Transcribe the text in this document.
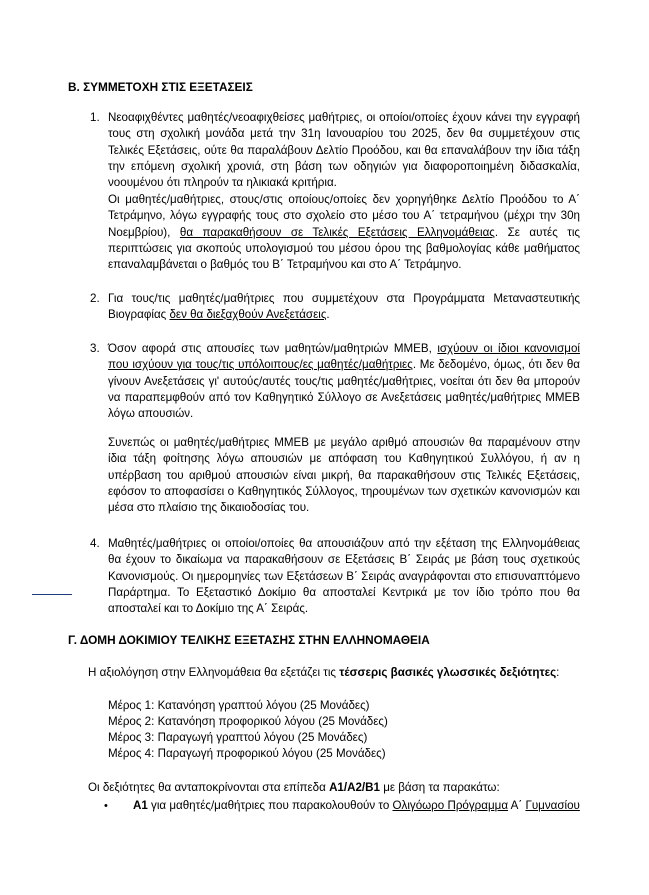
Β. ΣΥΜΜΕΤΟΧΗ ΣΤΙΣ ΕΞΕΤΑΣΕΙΣ
1. Νεοαφιχθέντες μαθητές/νεοαφιχθείσες μαθήτριες, οι οποίοι/οποίες έχουν κάνει την εγγραφή τους στη σχολική μονάδα μετά την 31η Ιανουαρίου του 2025, δεν θα συμμετέχουν στις Τελικές Εξετάσεις, ούτε θα παραλάβουν Δελτίο Προόδου, και θα επαναλάβουν την ίδια τάξη την επόμενη σχολική χρονιά, στη βάση των οδηγιών για διαφοροποιημένη διδασκαλία, νοουμένου ότι πληρούν τα ηλικιακά κριτήρια.

Οι μαθητές/μαθήτριες, στους/στις οποίους/οποίες δεν χορηγήθηκε Δελτίο Προόδου το Α΄ Τετράμηνο, λόγω εγγραφής τους στο σχολείο στο μέσο του Α΄ τετραμήνου (μέχρι την 30η Νοεμβρίου), θα παρακαθήσουν σε Τελικές Εξετάσεις Ελληνομάθειας. Σε αυτές τις περιπτώσεις για σκοπούς υπολογισμού του μέσου όρου της βαθμολογίας κάθε μαθήματος επαναλαμβάνεται ο βαθμός του Β΄ Τετραμήνου και στο Α΄ Τετράμηνο.

2. Για τους/τις μαθητές/μαθήτριες που συμμετέχουν στα Προγράμματα Μεταναστευτικής Βιογραφίας δεν θα διεξαχθούν Ανεξετάσεις.

3. Όσον αφορά στις απουσίες των μαθητών/μαθητριών ΜΜΕΒ, ισχύουν οι ίδιοι κανονισμοί που ισχύουν για τους/τις υπόλοιπους/ες μαθητές/μαθήτριες. Με δεδομένο, όμως, ότι δεν θα γίνουν Ανεξετάσεις γι' αυτούς/αυτές τους/τις μαθητές/μαθήτριες, νοείται ότι δεν θα μπορούν να παραπεμφθούν από τον Καθηγητικό Σύλλογο σε Ανεξετάσεις μαθητές/μαθήτριες ΜΜΕΒ λόγω απουσιών.

Συνεπώς οι μαθητές/μαθήτριες ΜΜΕΒ με μεγάλο αριθμό απουσιών θα παραμένουν στην ίδια τάξη φοίτησης λόγω απουσιών με απόφαση του Καθηγητικού Συλλόγου, ή αν η υπέρβαση του αριθμού απουσιών είναι μικρή, θα παρακαθήσουν στις Τελικές Εξετάσεις, εφόσον το αποφασίσει ο Καθηγητικός Σύλλογος, τηρουμένων των σχετικών κανονισμών και μέσα στο πλαίσιο της δικαιοδοσίας του.

4. Μαθητές/μαθήτριες οι οποίοι/οποίες θα απουσιάζουν από την εξέταση της Ελληνομάθειας θα έχουν το δικαίωμα να παρακαθήσουν σε Εξετάσεις Β΄ Σειράς με βάση τους σχετικούς Κανονισμούς. Οι ημερομηνίες των Εξετάσεων Β΄ Σειράς αναγράφονται στο επισυναπτόμενο Παράρτημα. Το Εξεταστικό Δοκίμιο θα αποσταλεί Κεντρικά με τον ίδιο τρόπο που θα αποσταλεί και το Δοκίμιο της Α΄ Σειράς.

Γ. ΔΟΜΗ ΔΟΚΙΜΙΟΥ ΤΕΛΙΚΗΣ ΕΞΕΤΑΣΗΣ ΣΤΗΝ ΕΛΛΗΝΟΜΑΘΕΙΑ

Η αξιολόγηση στην Ελληνομάθεια θα εξετάζει τις τέσσερις βασικές γλωσσικές δεξιότητες:

Μέρος 1: Κατανόηση γραπτού λόγου (25 Μονάδες)
Μέρος 2: Κατανόηση προφορικού λόγου (25 Μονάδες)
Μέρος 3: Παραγωγή γραπτού λόγου (25 Μονάδες)
Μέρος 4: Παραγωγή προφορικού λόγου (25 Μονάδες)

Οι δεξιότητες θα ανταποκρίνονται στα επίπεδα Α1/Α2/Β1 με βάση τα παρακάτω:

• Α1 για μαθητές/μαθήτριες που παρακολουθούν το Ολιγόωρο Πρόγραμμα Α΄ Γυμνασίου
